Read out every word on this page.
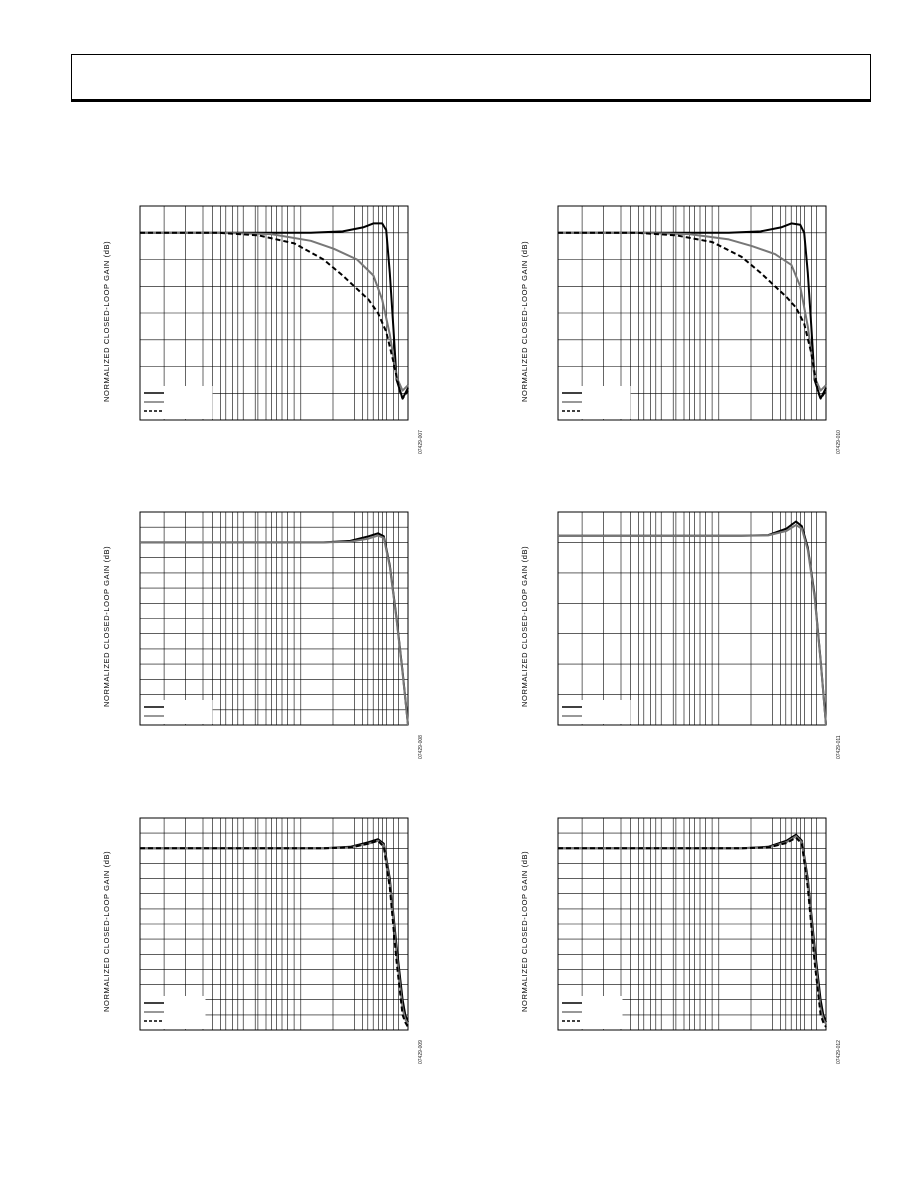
NORMALIZED CLOSED-LOOP GAIN (dB)
07429-007
NORMALIZED CLOSED-LOOP GAIN (dB)
07429-010
NORMALIZED CLOSED-LOOP GAIN (dB)
07429-008
NORMALIZED CLOSED-LOOP GAIN (dB)
07429-011
NORMALIZED CLOSED-LOOP GAIN (dB)
07429-009
NORMALIZED CLOSED-LOOP GAIN (dB)
07429-012
